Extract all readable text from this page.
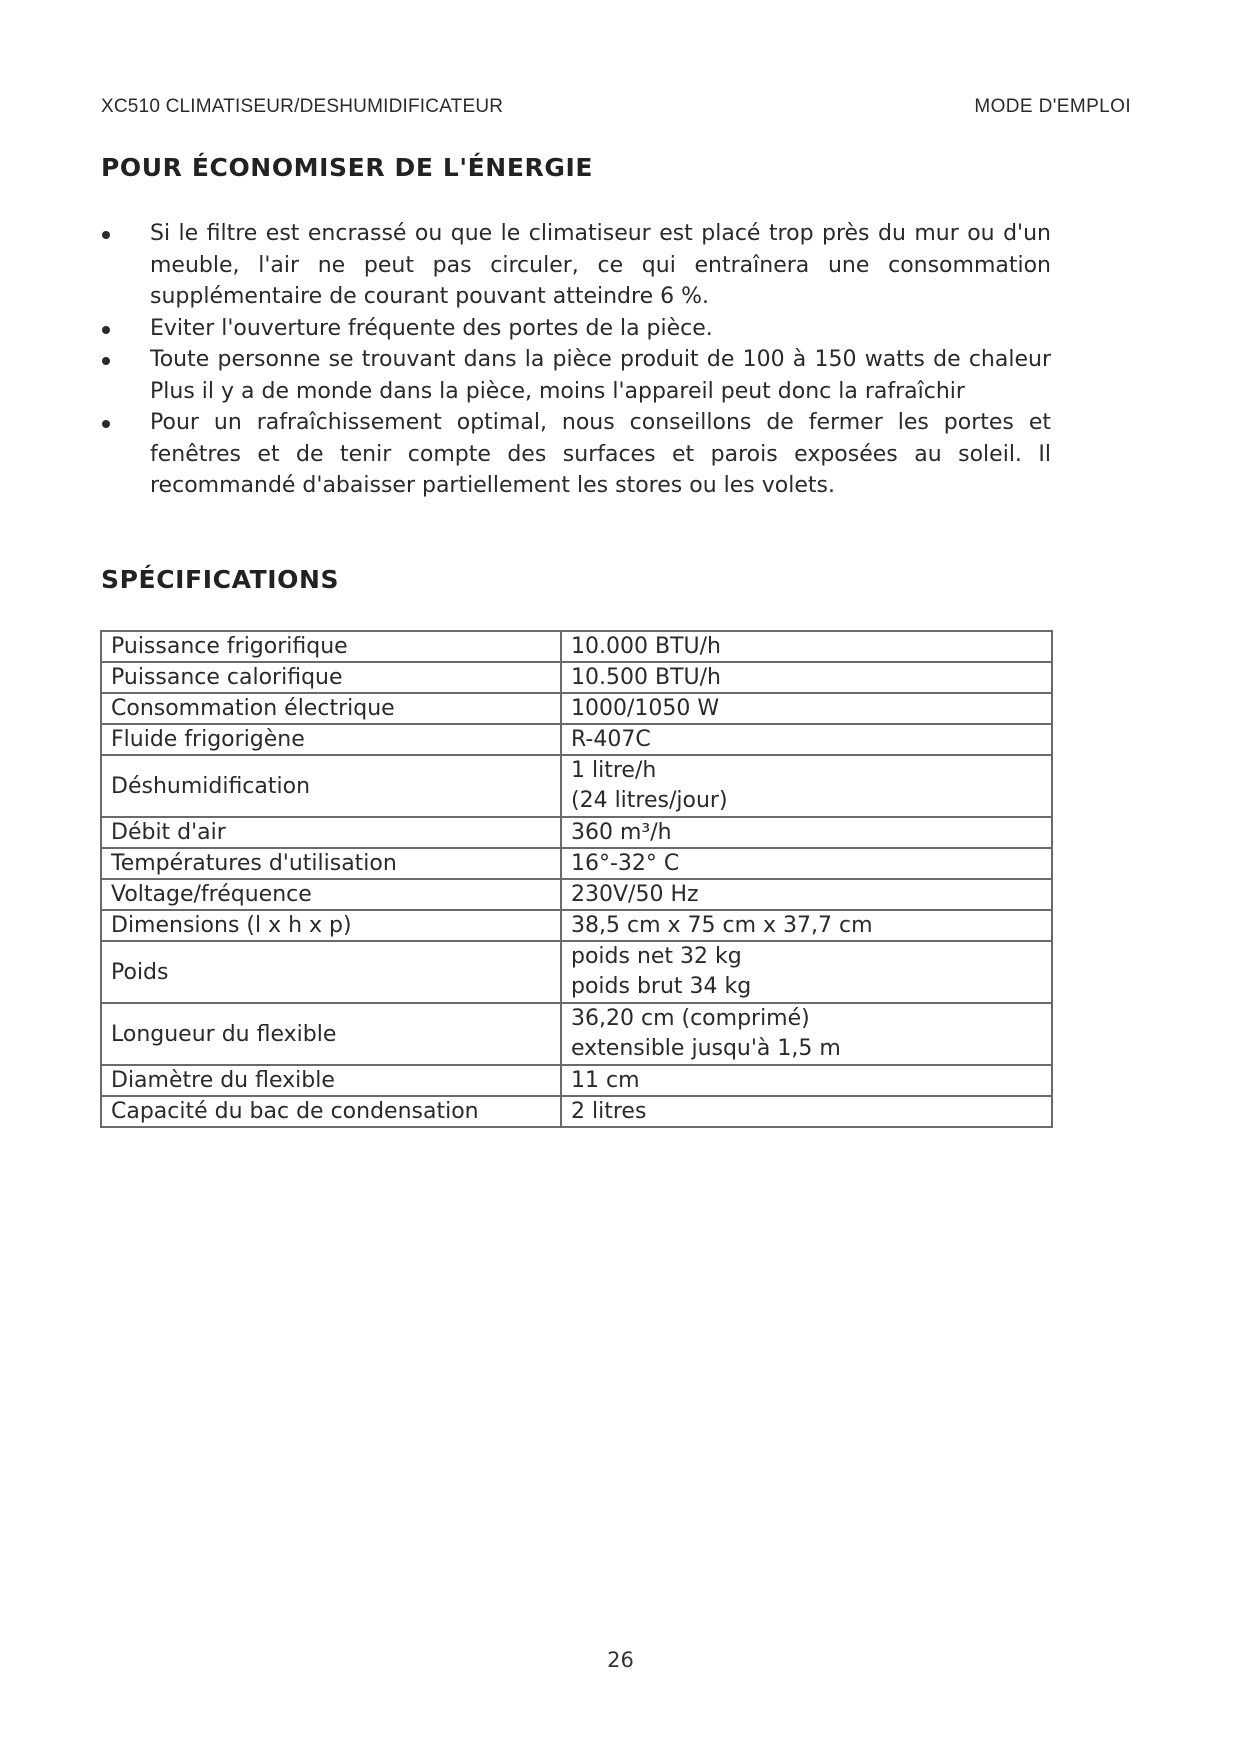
XC510 CLIMATISEUR/DESHUMIDIFICATEUR	MODE D'EMPLOI
POUR ÉCONOMISER DE L'ÉNERGIE
Si le filtre est encrassé ou que le climatiseur est placé trop près du mur ou d'un meuble, l'air ne peut pas circuler, ce qui entraînera une consommation supplémentaire de courant pouvant atteindre 6 %.
Eviter l'ouverture fréquente des portes de la pièce.
Toute personne se trouvant dans la pièce produit de 100 à 150 watts de chaleur Plus il y a de monde dans la pièce, moins l'appareil peut donc la rafraîchir
Pour un rafraîchissement optimal, nous conseillons de fermer les portes et fenêtres et de tenir compte des surfaces et parois exposées au soleil. Il recommandé d'abaisser partiellement les stores ou les volets.
SPÉCIFICATIONS
Puissance frigorifique	10.000 BTU/h
Puissance calorifique	10.500 BTU/h
Consommation électrique	1000/1050 W
Fluide frigorigène	R-407C
Déshumidification	1 litre/h
(24 litres/jour)

Débit d'air	360 m³/h
Températures d'utilisation	16°-32° C
Voltage/fréquence	230V/50 Hz
Dimensions (l x h x p)	38,5 cm x 75 cm x 37,7 cm
Poids	poids net 32 kg
poids brut 34 kg

Longueur du flexible	36,20 cm (comprimé)
extensible jusqu'à 1,5 m

Diamètre du flexible	11 cm
Capacité du bac de condensation	2 litres
26
